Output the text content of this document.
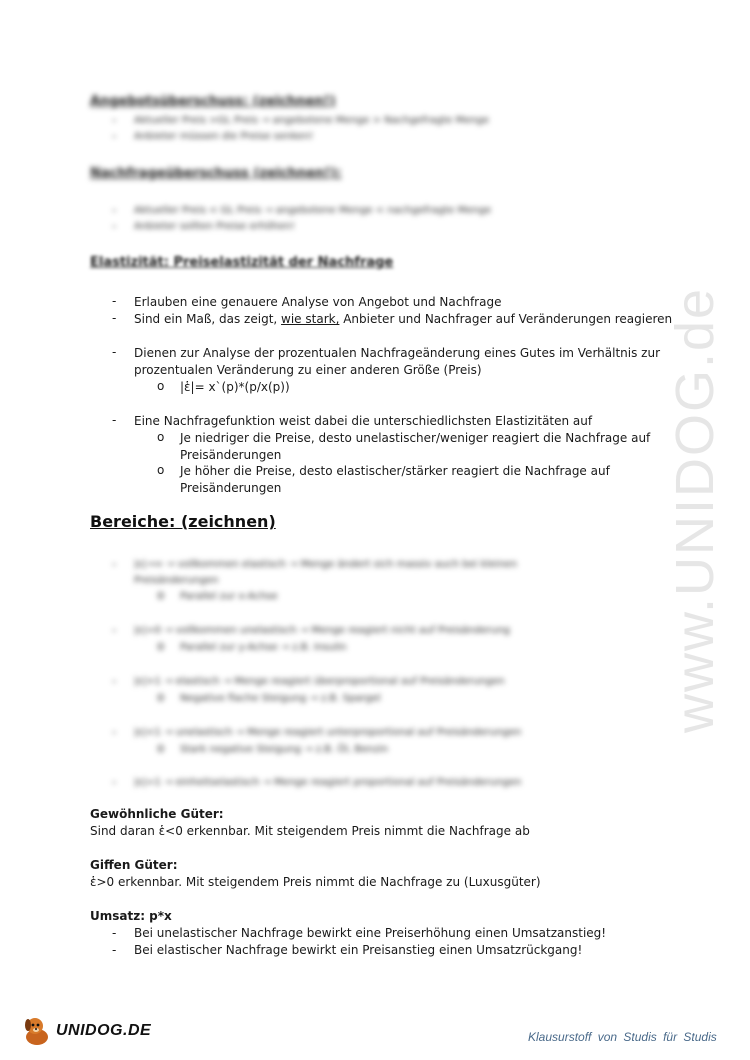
www.UNIDOG.de
Angebotsüberschuss: (zeichnen!)
- Aktueller Preis >GL Preis → angebotene Menge > Nachgefragte Menge
- Anbieter müssen die Preise senken!
Nachfrageüberschuss (zeichnen!):
- Aktueller Preis < GL Preis → angebotene Menge < nachgefragte Menge
- Anbieter sollten Preise erhöhen!
Elastizität: Preiselastizität der Nachfrage
- Erlauben eine genauere Analyse von Angebot und Nachfrage
- Sind ein Maß, das zeigt, wie stark, Anbieter und Nachfrager auf Veränderungen reagieren
- Dienen zur Analyse der prozentualen Nachfrageänderung eines Gutes im Verhältnis zur
prozentualen Veränderung zu einer anderen Größe (Preis)
o |ἑ|= x`(p)*(p/x(p))
- Eine Nachfragefunktion weist dabei die unterschiedlichsten Elastizitäten auf
o Je niedriger die Preise, desto unelastischer/weniger reagiert die Nachfrage auf
Preisänderungen
o Je höher die Preise, desto elastischer/stärker reagiert die Nachfrage auf
Preisänderungen
Bereiche: (zeichnen)
- |ε|→∞ → vollkommen elastisch → Menge ändert sich massiv auch bei kleinen
Preisänderungen
o Parallel zur x-Achse
- |ε|=0 → vollkommen unelastisch → Menge reagiert nicht auf Preisänderung
o Parallel zur y-Achse → z.B. Insulin
- |ε|>1 → elastisch → Menge reagiert überproportional auf Preisänderungen
o Negative flache Steigung → z.B. Spargel
- |ε|<1 → unelastisch → Menge reagiert unterproportional auf Preisänderungen
o Stark negative Steigung → z.B. Öl, Benzin
- |ε|=1 → einheitselastisch → Menge reagiert proportional auf Preisänderungen
Gewöhnliche Güter:
Sind daran ἑ<0 erkennbar. Mit steigendem Preis nimmt die Nachfrage ab
Giffen Güter:
ἑ>0 erkennbar. Mit steigendem Preis nimmt die Nachfrage zu (Luxusgüter)
Umsatz: p*x
- Bei unelastischer Nachfrage bewirkt eine Preiserhöhung einen Umsatzanstieg!
- Bei elastischer Nachfrage bewirkt ein Preisanstieg einen Umsatzrückgang!
UNIDOG.DE	Klausurstoff von Studis für Studis
